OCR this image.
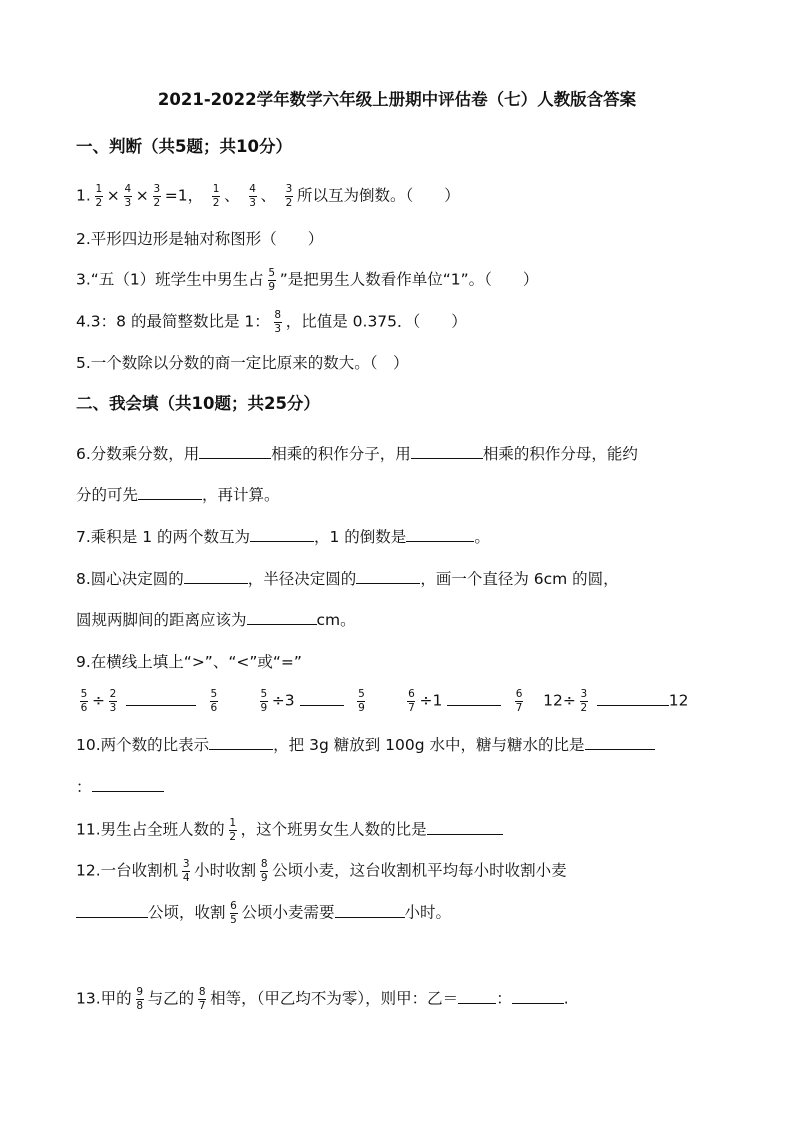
2021-2022学年数学六年级上册期中评估卷（七）人教版含答案
一、判断（共5题；共10分）
1. $\frac{1}{2} \times \frac{4}{3} \times \frac{3}{2} =1$， $\frac{1}{2}$ 、 $\frac{4}{3}$ 、 $\frac{3}{2}$ 所以互为倒数。（　　）
2.平形四边形是轴对称图形（　　）
3.“五（1）班学生中男生占 $\frac{5}{9}$ ”是把男生人数看作单位“1”。（　　）
4.3：8 的最简整数比是 1： $\frac{8}{3}$ ，比值是 0.375．（　　）
5.一个数除以分数的商一定比原来的数大。（　）
二、我会填（共10题；共25分）
6.分数乘分数，用	相乘的积作分子，用	相乘的积作分母，能约
分的可先	，再计算。
7.乘积是 1 的两个数互为	，1 的倒数是	。
8.圆心决定圆的	，半径决定圆的	，画一个直径为 6cm 的圆，
圆规两脚间的距离应该为	cm。
9.在横线上填上“>”、“<”或“=”
$\frac{5}{6} \div \frac{2}{3}$
	$\frac{5}{6}$	$\frac{5}{9} \div 3$	$\frac{5}{9}$	$\frac{6}{7} \div 1$	$\frac{6}{7} 12\div \frac{3}{2}$	12
10.两个数的比表示	，把 3g 糖放到 100g 水中，糖与糖水的比是
：
11.男生占全班人数的 $\frac{1}{2}$ ，这个班男女生人数的比是
12.一台收割机 $\frac{3}{4}$ 小时收割 $\frac{8}{9}$ 公顷小麦，这台收割机平均每小时收割小麦
公顷，收割 $\frac{6}{5}$ 公顷小麦需要	小时。
13.甲的 $\frac{9}{8}$ 与乙的 $\frac{8}{7}$ 相等，（甲乙均不为零），则甲：乙＝ ：	.
